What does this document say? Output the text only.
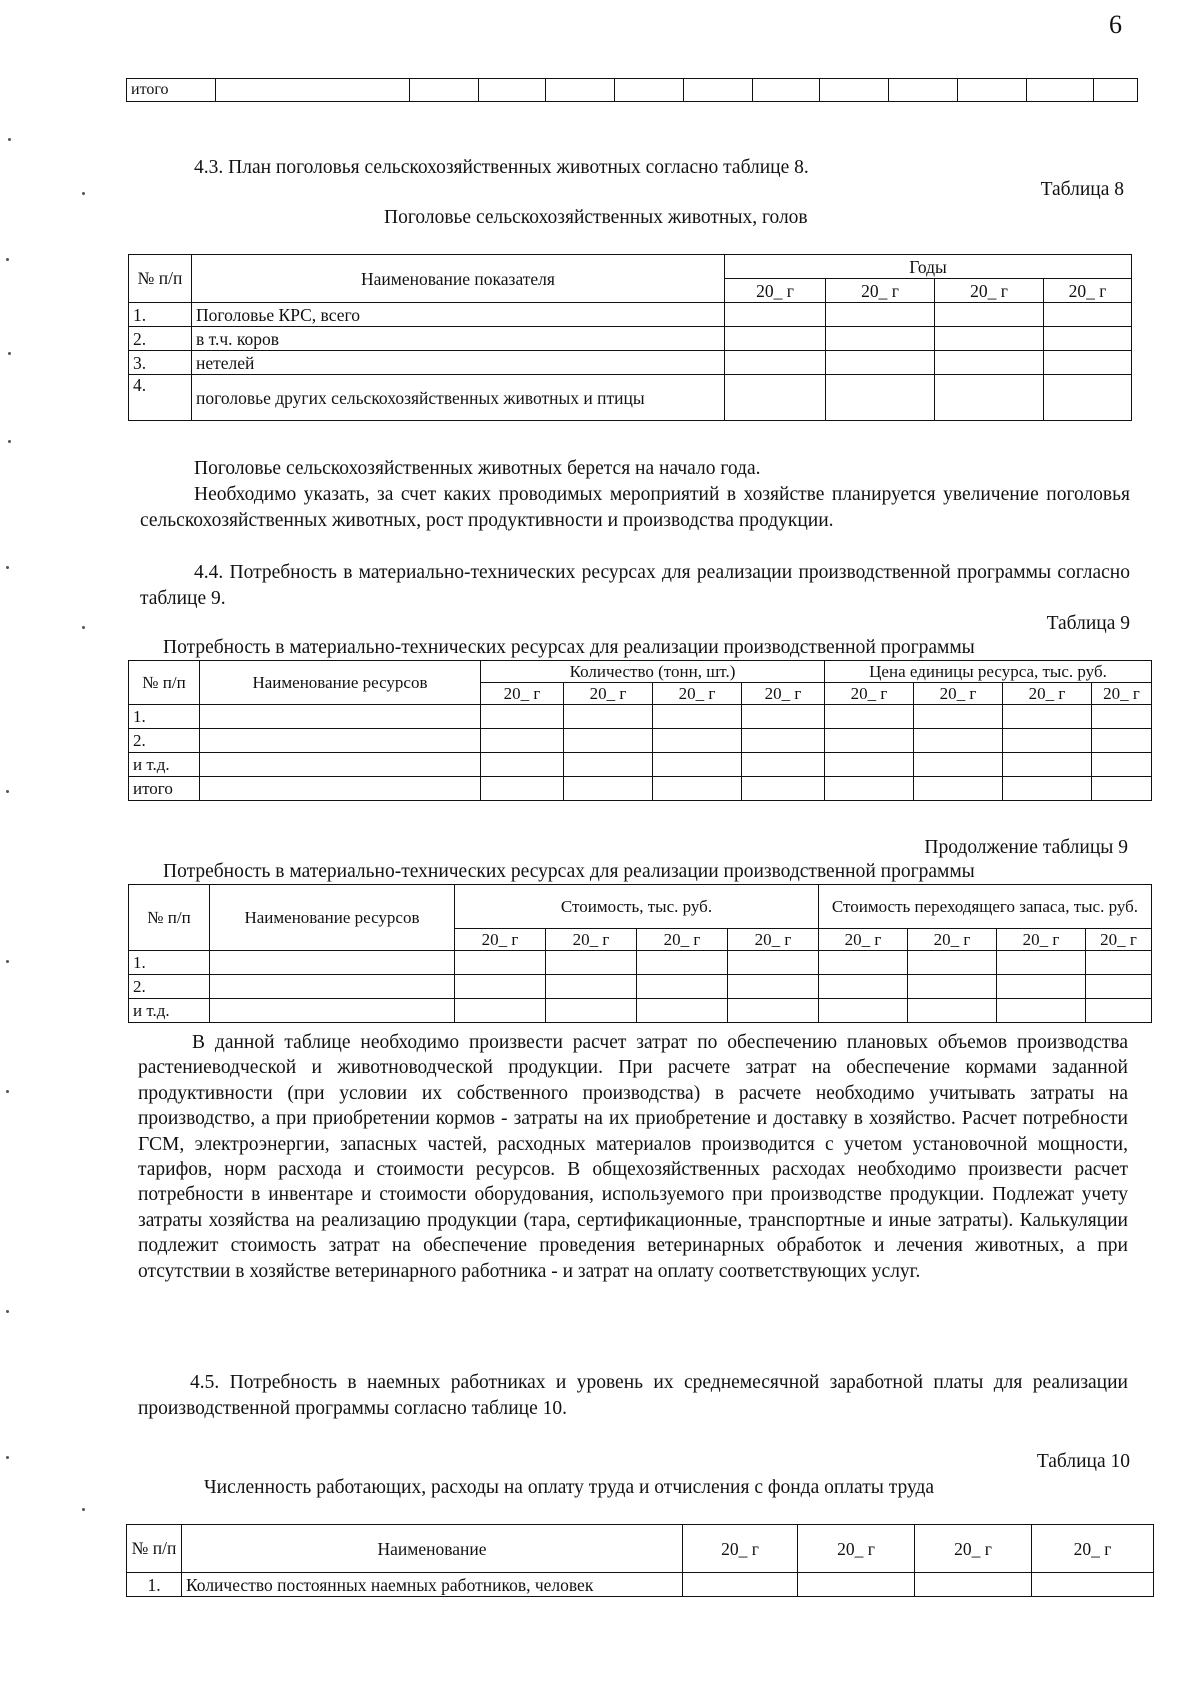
6
итого												
4.3. План поголовья сельскохозяйственных животных согласно таблице 8.
Таблица 8
Поголовье сельскохозяйственных животных, голов
№ п/п	Наименование показателя	Годы			
		20_ г	20_ г	20_ г	20_ г
1.	Поголовье КРС, всего				
2.	в т.ч. коров				
3.	нетелей				
4.	поголовье других сельскохозяйственных животных и птицы				
Поголовье сельскохозяйственных животных берется на начало года.
Необходимо указать, за счет каких проводимых мероприятий в хозяйстве планируется увеличение поголовья сельскохозяйственных животных, рост продуктивности и производства продукции.
4.4. Потребность в материально-технических ресурсах для реализации производственной программы согласно таблице 9.
Таблица 9
Потребность в материально-технических ресурсах для реализации производственной программы
№ п/п	Наименование ресурсов	Количество (тонн, шт.)				Цена единицы ресурса, тыс. руб.			
		20_ г	20_ г	20_ г	20_ г	20_ г	20_ г	20_ г	20_ г
1.									
2.									
и т.д.									
итого									
Продолжение таблицы 9
Потребность в материально-технических ресурсах для реализации производственной программы
№ п/п	Наименование ресурсов	Стоимость, тыс. руб.				Стоимость переходящего запаса, тыс. руб.			
		20_ г	20_ г	20_ г	20_ г	20_ г	20_ г	20_ г	20_ г
1.									
2.									
и т.д.									
В данной таблице необходимо произвести расчет затрат по обеспечению плановых объемов производства растениеводческой и животноводческой продукции. При расчете затрат на обеспечение кормами заданной продуктивности (при условии их собственного производства) в расчете необходимо учитывать затраты на производство, а при приобретении кормов - затраты на их приобретение и доставку в хозяйство. Расчет потребности ГСМ, электроэнергии, запасных частей, расходных материалов производится с учетом установочной мощности, тарифов, норм расхода и стоимости ресурсов. В общехозяйственных расходах необходимо произвести расчет потребности в инвентаре и стоимости оборудования, используемого при производстве продукции. Подлежат учету затраты хозяйства на реализацию продукции (тара, сертификационные, транспортные и иные затраты). Калькуляции подлежит стоимость затрат на обеспечение проведения ветеринарных обработок и лечения животных, а при отсутствии в хозяйстве ветеринарного работника - и затрат на оплату соответствующих услуг.
4.5. Потребность в наемных работниках и уровень их среднемесячной заработной платы для реализации производственной программы согласно таблице 10.
Таблица 10
Численность работающих, расходы на оплату труда и отчисления с фонда оплаты труда
№ п/п	Наименование	20_ г	20_ г	20_ г	20_ г
1.	Количество постоянных наемных работников, человек				
